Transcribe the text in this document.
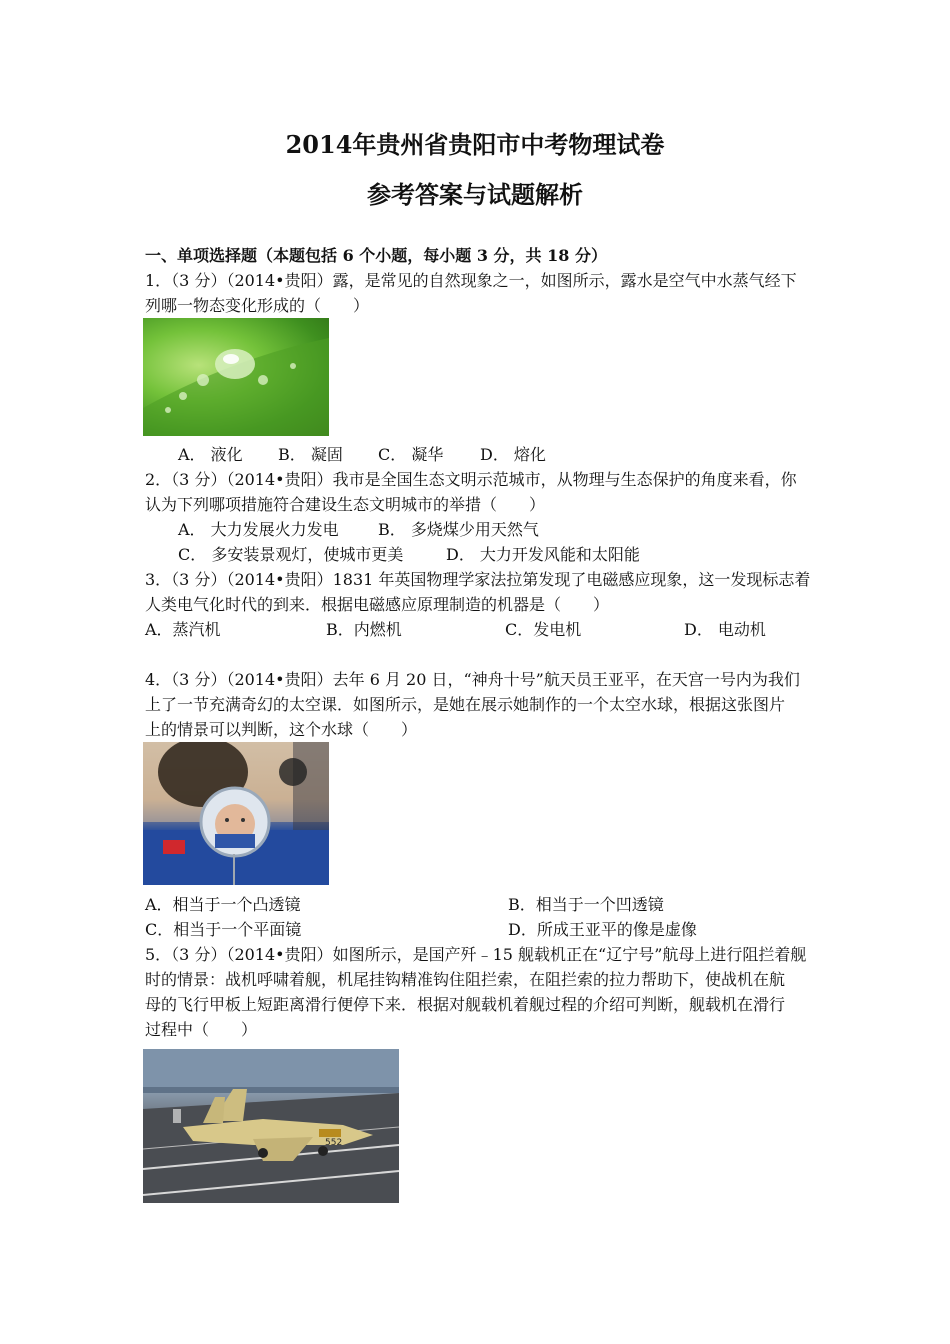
2014年贵州省贵阳市中考物理试卷
参考答案与试题解析
一、单项选择题（本题包括 6 个小题，每小题 3 分，共 18 分）
1．（3 分）（2014•贵阳）露，是常见的自然现象之一，如图所示，露水是空气中水蒸气经下
列哪一物态变化形成的（　　）
A． 液化 B． 凝固 C． 凝华 D． 熔化
2．（3 分）（2014•贵阳）我市是全国生态文明示范城市，从物理与生态保护的角度来看，你
认为下列哪项措施符合建设生态文明城市的举措（　　）
A． 大力发展火力发电 B． 多烧煤少用天然气
C． 多安装景观灯，使城市更美	D． 大力开发风能和太阳能
3．（3 分）（2014•贵阳）1831 年英国物理学家法拉第发现了电磁感应现象，这一发现标志着
人类电气化时代的到来．根据电磁感应原理制造的机器是（　　）
A．蒸汽机	B．内燃机	C．发电机	D． 电动机
4．（3 分）（2014•贵阳）去年 6 月 20 日，“神舟十号”航天员王亚平，在天宫一号内为我们
上了一节充满奇幻的太空课．如图所示，是她在展示她制作的一个太空水球，根据这张图片
上的情景可以判断，这个水球（　　）
A．相当于一个凸透镜	B．相当于一个凹透镜
C．相当于一个平面镜	D．所成王亚平的像是虚像
5．（3 分）（2014•贵阳）如图所示，是国产歼﹣15 舰载机正在“辽宁号”航母上进行阻拦着舰
时的情景：战机呼啸着舰，机尾挂钩精准钩住阻拦索，在阻拦索的拉力帮助下，使战机在航
母的飞行甲板上短距离滑行便停下来．根据对舰载机着舰过程的介绍可判断，舰载机在滑行
过程中（　　）
552
